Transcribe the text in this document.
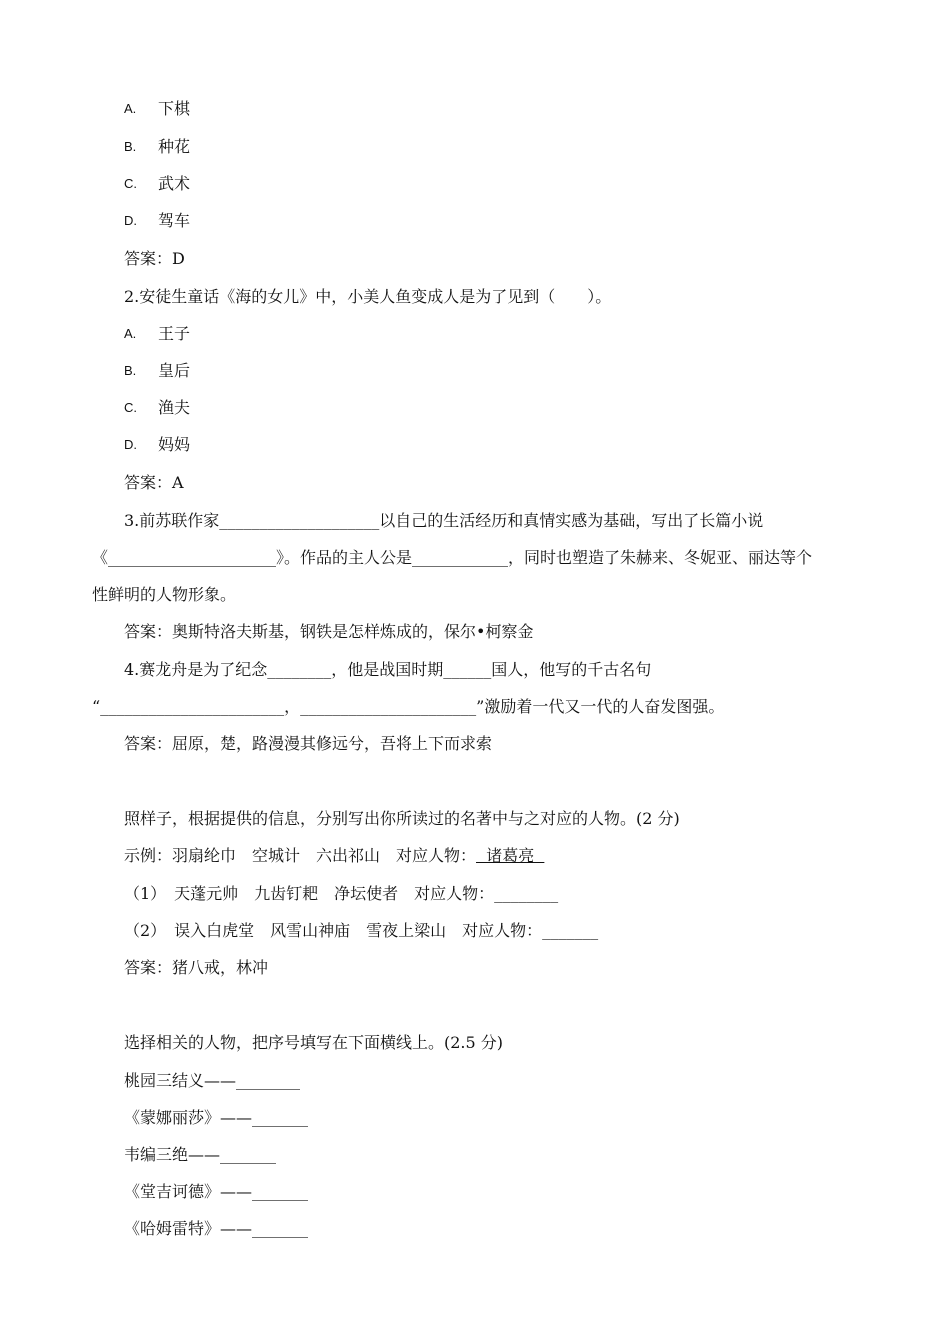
A. 下棋
B. 种花
C. 武术
D. 驾车
答案：D
2.安徒生童话《海的女儿》中，小美人鱼变成人是为了见到（　　）。
A. 王子
B. 皇后
C. 渔夫
D. 妈妈
答案：A
3.前苏联作家____________________以自己的生活经历和真情实感为基础，写出了长篇小说
《_____________________》。作品的主人公是____________，同时也塑造了朱赫来、冬妮亚、丽达等个
性鲜明的人物形象。
答案：奥斯特洛夫斯基，钢铁是怎样炼成的，保尔•柯察金
4.赛龙舟是为了纪念________，他是战国时期______国人，他写的千古名句
“_______________________，______________________”激励着一代又一代的人奋发图强。
答案：屈原，楚，路漫漫其修远兮，吾将上下而求索
照样子，根据提供的信息，分别写出你所读过的名著中与之对应的人物。(2 分)
示例：羽扇纶巾　空城计　六出祁山　对应人物：  诸葛亮
（1）　天蓬元帅　九齿钉耙　净坛使者　对应人物：________
（2）　误入白虎堂　风雪山神庙　雪夜上梁山　对应人物：_______
答案：猪八戒，林冲
选择相关的人物，把序号填写在下面横线上。(2.5 分)
桃园三结义——________
《蒙娜丽莎》——_______
韦编三绝——_______
《堂吉诃德》——_______
《哈姆雷特》——_______
